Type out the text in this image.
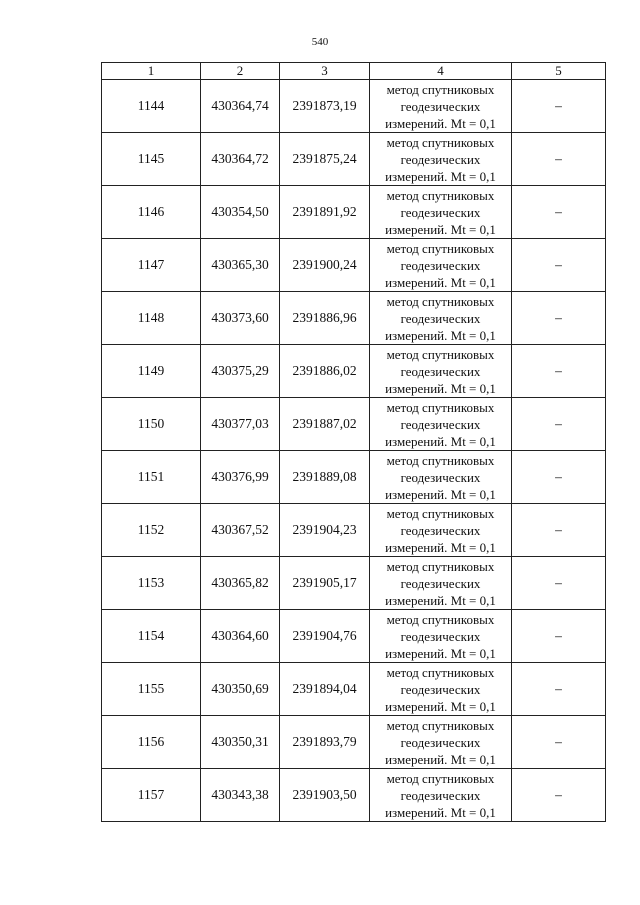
540
1	2	3	4	5
1144	430364,74	2391873,19	метод спутниковых
геодезических
измерений. Mt = 0,1	–
1145	430364,72	2391875,24	метод спутниковых
геодезических
измерений. Mt = 0,1	–
1146	430354,50	2391891,92	метод спутниковых
геодезических
измерений. Mt = 0,1	–
1147	430365,30	2391900,24	метод спутниковых
геодезических
измерений. Mt = 0,1	–
1148	430373,60	2391886,96	метод спутниковых
геодезических
измерений. Mt = 0,1	–
1149	430375,29	2391886,02	метод спутниковых
геодезических
измерений. Mt = 0,1	–
1150	430377,03	2391887,02	метод спутниковых
геодезических
измерений. Mt = 0,1	–
1151	430376,99	2391889,08	метод спутниковых
геодезических
измерений. Mt = 0,1	–
1152	430367,52	2391904,23	метод спутниковых
геодезических
измерений. Mt = 0,1	–
1153	430365,82	2391905,17	метод спутниковых
геодезических
измерений. Mt = 0,1	–
1154	430364,60	2391904,76	метод спутниковых
геодезических
измерений. Mt = 0,1	–
1155	430350,69	2391894,04	метод спутниковых
геодезических
измерений. Mt = 0,1	–
1156	430350,31	2391893,79	метод спутниковых
геодезических
измерений. Mt = 0,1	–
1157	430343,38	2391903,50	метод спутниковых
геодезических
измерений. Mt = 0,1	–
